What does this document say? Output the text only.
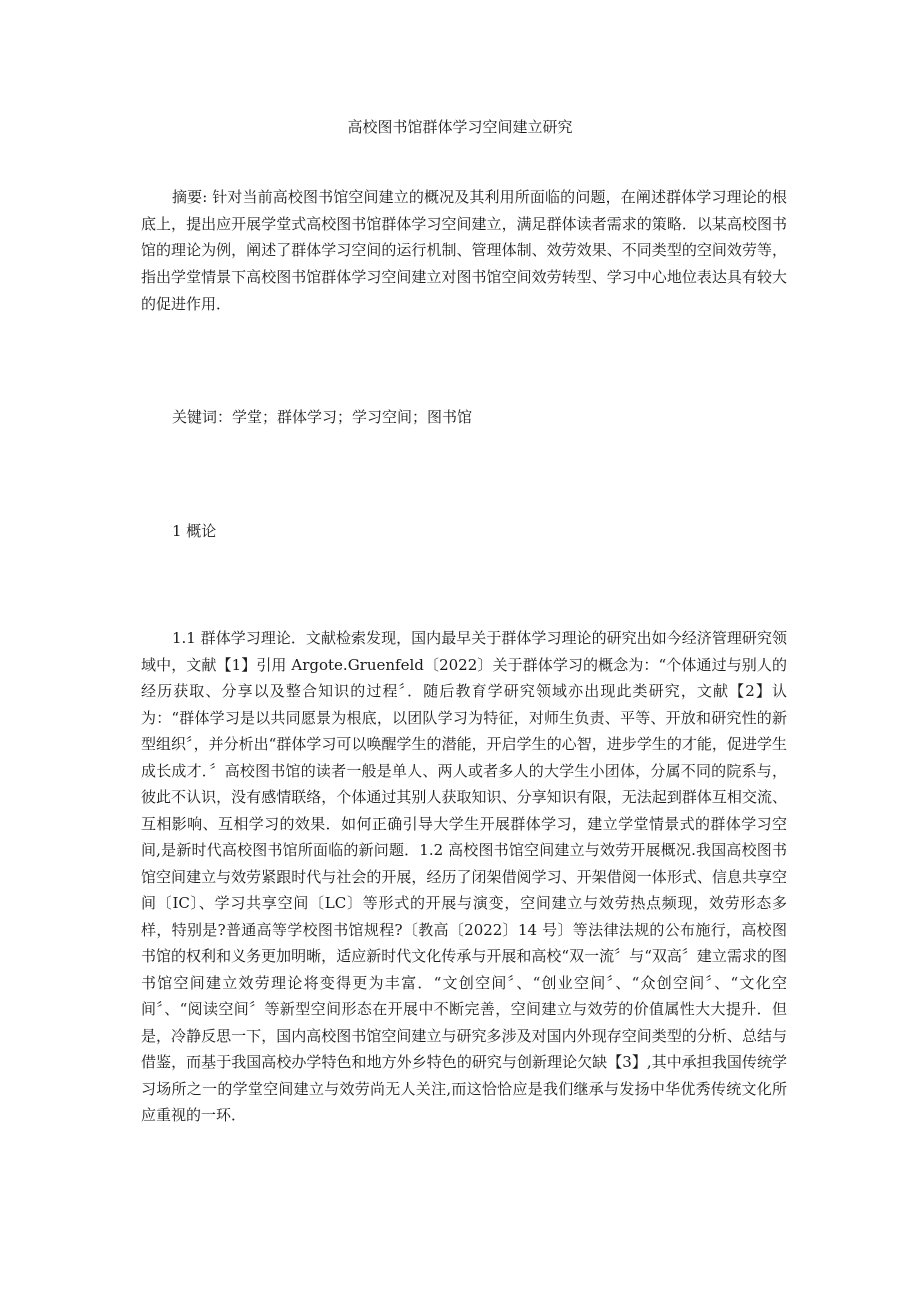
高校图书馆群体学习空间建立研究

摘要: 针对当前高校图书馆空间建立的概况及其利用所面临的问题，在阐述群体学习理论的根底上，提出应开展学堂式高校图书馆群体学习空间建立，满足群体读者需求的策略．以某高校图书馆的理论为例，阐述了群体学习空间的运行机制、管理体制、效劳效果、不同类型的空间效劳等，指出学堂情景下高校图书馆群体学习空间建立对图书馆空间效劳转型、学习中心地位表达具有较大的促进作用．

关键词：学堂；群体学习；学习空间；图书馆

1 概论

1.1 群体学习理论．文献检索发现，国内最早关于群体学习理论的研究出如今经济管理研究领域中，文献【1】引用 Argote.Gruenfeld〔2022〕关于群体学习的概念为：“个体通过与别人的经历获取、分享以及整合知识的过程〞．随后教育学研究领域亦出现此类研究，文献【2】认为：“群体学习是以共同愿景为根底，以团队学习为特征，对师生负责、平等、开放和研究性的新型组织〞，并分析出“群体学习可以唤醒学生的潜能，开启学生的心智，进步学生的才能，促进学生成长成才．〞高校图书馆的读者一般是单人、两人或者多人的大学生小团体，分属不同的院系与，彼此不认识，没有感情联络，个体通过其别人获取知识、分享知识有限，无法起到群体互相交流、互相影响、互相学习的效果．如何正确引导大学生开展群体学习，建立学堂情景式的群体学习空间,是新时代高校图书馆所面临的新问题．1.2 高校图书馆空间建立与效劳开展概况.我国高校图书馆空间建立与效劳紧跟时代与社会的开展，经历了闭架借阅学习、开架借阅一体形式、信息共享空间〔IC〕、学习共享空间〔LC〕等形式的开展与演变，空间建立与效劳热点频现，效劳形态多样，特别是?普通高等学校图书馆规程?〔教高〔2022〕14 号〕等法律法规的公布施行，高校图书馆的权利和义务更加明晰，适应新时代文化传承与开展和高校“双一流〞与“双高〞建立需求的图书馆空间建立效劳理论将变得更为丰富．“文创空间〞、“创业空间〞、“众创空间〞、“文化空间〞、“阅读空间〞等新型空间形态在开展中不断完善，空间建立与效劳的价值属性大大提升．但是，冷静反思一下，国内高校图书馆空间建立与研究多涉及对国内外现存空间类型的分析、总结与借鉴，而基于我国高校办学特色和地方外乡特色的研究与创新理论欠缺【3】,其中承担我国传统学习场所之一的学堂空间建立与效劳尚无人关注,而这恰恰应是我们继承与发扬中华优秀传统文化所应重视的一环．
